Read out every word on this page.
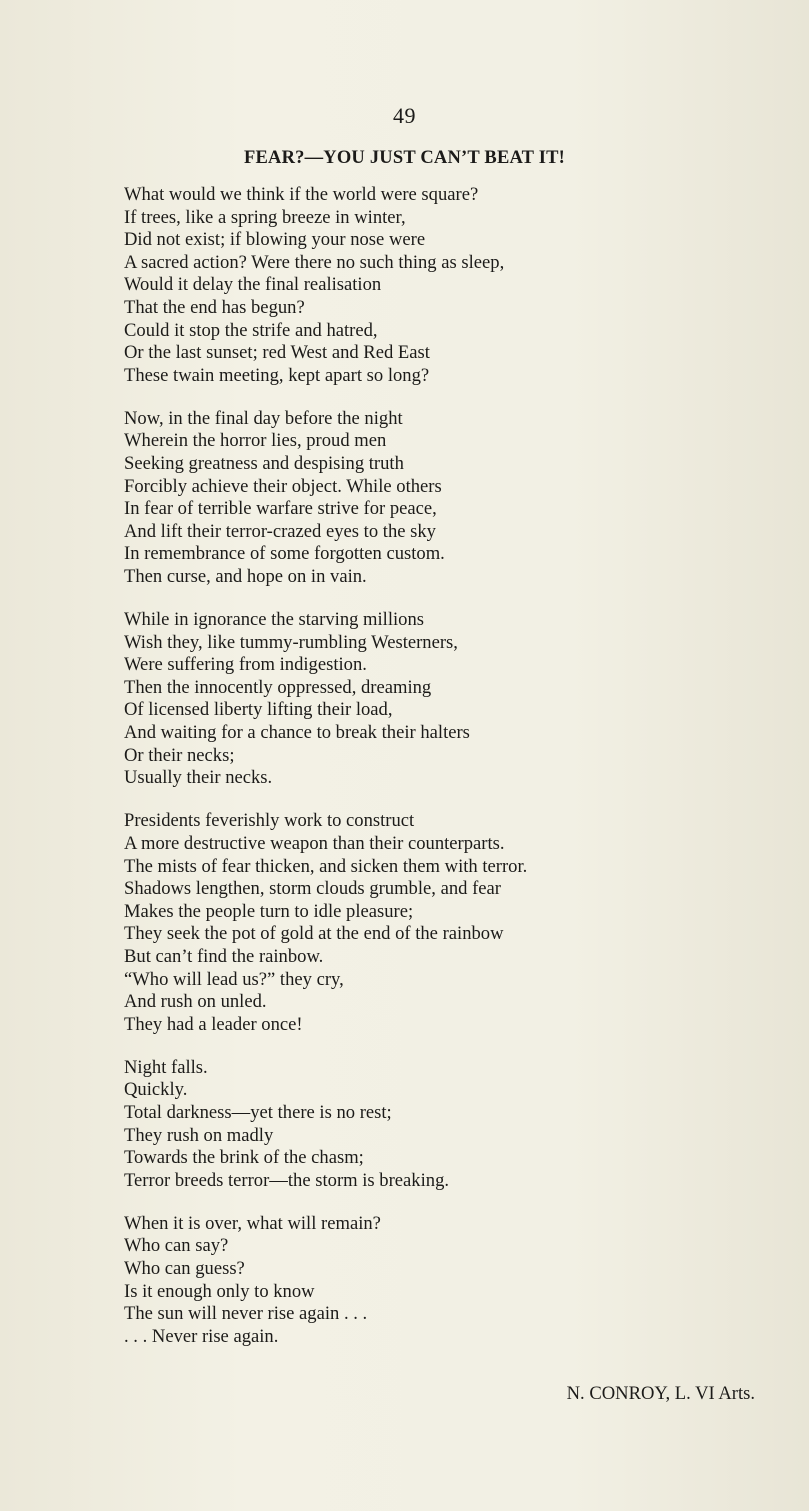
49
FEAR?—YOU JUST CAN’T BEAT IT!
What would we think if the world were square?
If trees, like a spring breeze in winter,
Did not exist; if blowing your nose were
A sacred action? Were there no such thing as sleep,
Would it delay the final realisation
That the end has begun?
Could it stop the strife and hatred,
Or the last sunset; red West and Red East
These twain meeting, kept apart so long?
Now, in the final day before the night
Wherein the horror lies, proud men
Seeking greatness and despising truth
Forcibly achieve their object. While others
In fear of terrible warfare strive for peace,
And lift their terror-crazed eyes to the sky
In remembrance of some forgotten custom.
Then curse, and hope on in vain.
While in ignorance the starving millions
Wish they, like tummy-rumbling Westerners,
Were suffering from indigestion.
Then the innocently oppressed, dreaming
Of licensed liberty lifting their load,
And waiting for a chance to break their halters
Or their necks;
Usually their necks.
Presidents feverishly work to construct
A more destructive weapon than their counterparts.
The mists of fear thicken, and sicken them with terror.
Shadows lengthen, storm clouds grumble, and fear
Makes the people turn to idle pleasure;
They seek the pot of gold at the end of the rainbow
But can’t find the rainbow.
“Who will lead us?” they cry,
And rush on unled.
They had a leader once!
Night falls.
Quickly.
Total darkness—yet there is no rest;
They rush on madly
Towards the brink of the chasm;
Terror breeds terror—the storm is breaking.
When it is over, what will remain?
Who can say?
Who can guess?
Is it enough only to know
The sun will never rise again . . .
. . . Never rise again.
N. CONROY, L. VI Arts.
